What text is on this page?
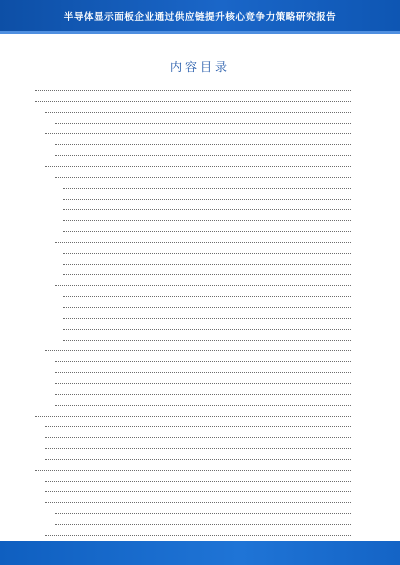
半导体显示面板企业通过供应链提升核心竞争力策略研究报告
内容目录
